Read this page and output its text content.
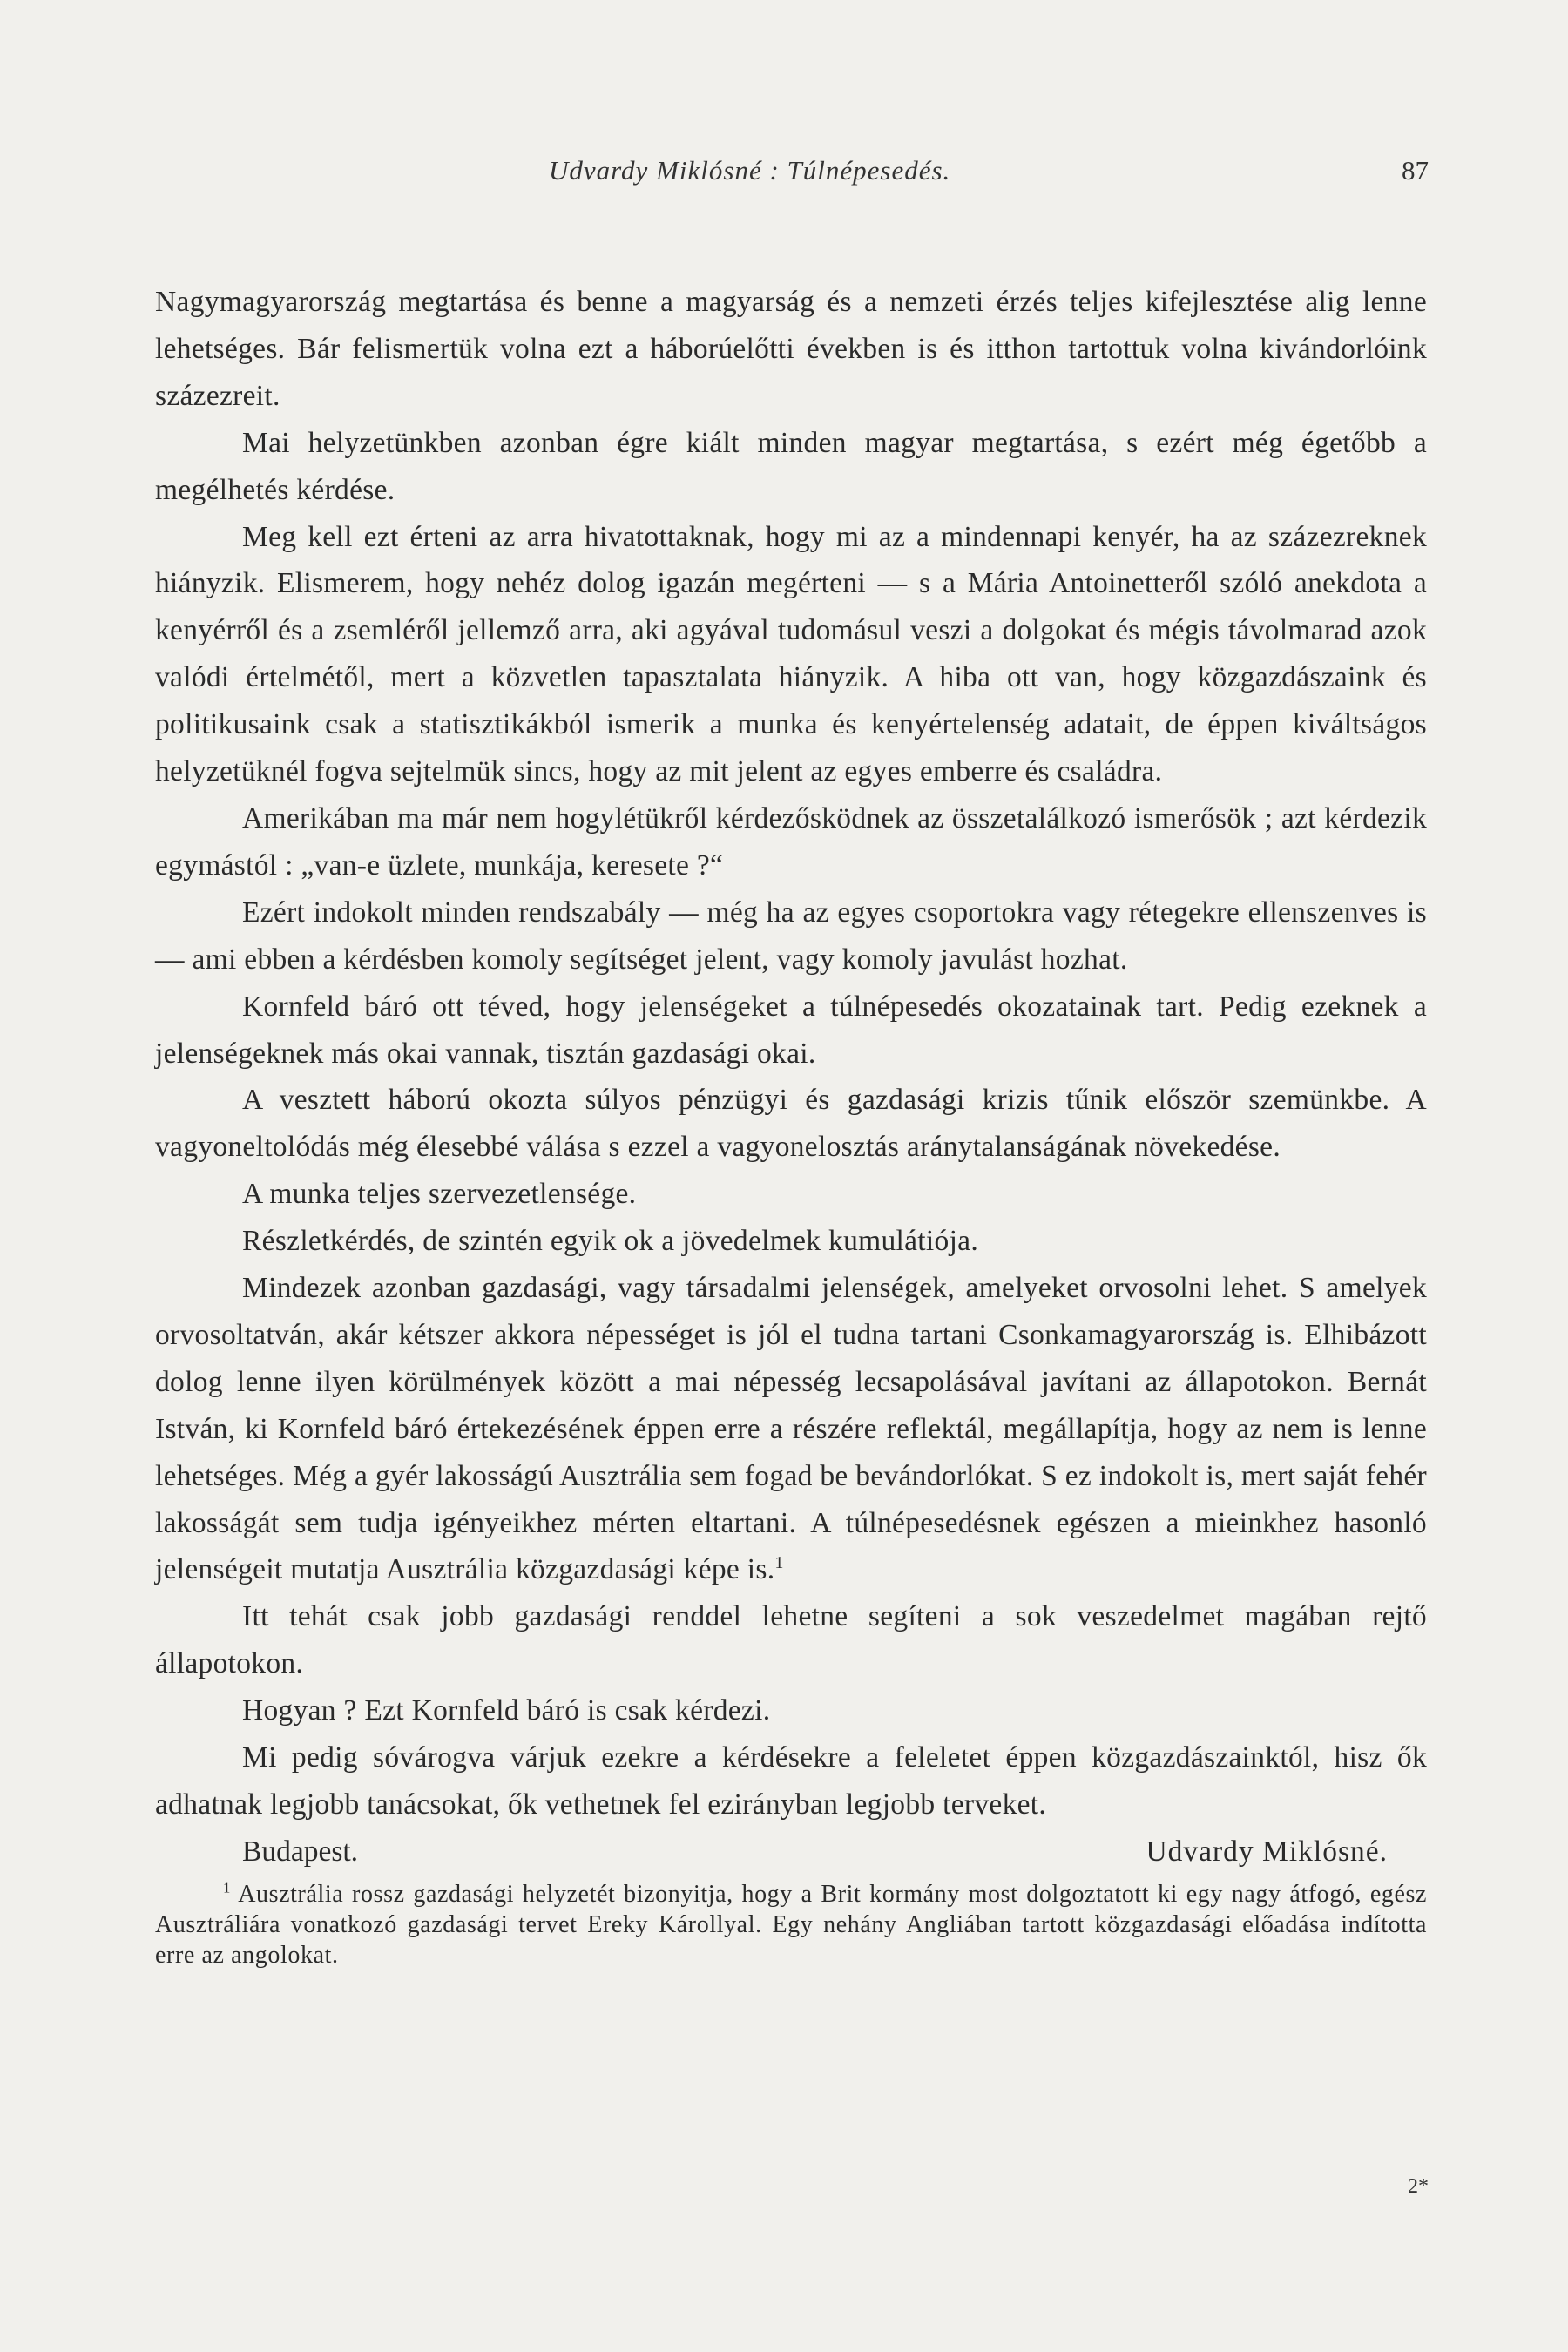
Udvardy Miklósné : Túlnépesedés.	87

Nagymagyarország megtartása és benne a magyarság és a nemzeti érzés teljes kifejlesztése alig lenne lehetséges. Bár felismertük volna ezt a háborúelőtti években is és itthon tartottuk volna kivándorlóink százezreit.

Mai helyzetünkben azonban égre kiált minden magyar megtartása, s ezért még égetőbb a megélhetés kérdése.

Meg kell ezt érteni az arra hivatottaknak, hogy mi az a mindennapi kenyér, ha az százezreknek hiányzik. Elismerem, hogy nehéz dolog igazán megérteni — s a Mária Antoinetteről szóló anekdota a kenyérről és a zsemléről jellemző arra, aki agyával tudomásul veszi a dolgokat és mégis távolmarad azok valódi értelmétől, mert a közvetlen tapasztalata hiányzik. A hiba ott van, hogy közgazdászaink és politikusaink csak a statisztikákból ismerik a munka és kenyértelenség adatait, de éppen kiváltságos helyzetüknél fogva sejtelmük sincs, hogy az mit jelent az egyes emberre és családra.

Amerikában ma már nem hogylétükről kérdezősködnek az összetalálkozó ismerősök ; azt kérdezik egymástól : „van-e üzlete, munkája, keresete ?“

Ezért indokolt minden rendszabály — még ha az egyes csoportokra vagy rétegekre ellenszenves is — ami ebben a kérdésben komoly segítséget jelent, vagy komoly javulást hozhat.

Kornfeld báró ott téved, hogy jelenségeket a túlnépesedés okozatainak tart. Pedig ezeknek a jelenségeknek más okai vannak, tisztán gazdasági okai.

A vesztett háború okozta súlyos pénzügyi és gazdasági krizis tűnik először szemünkbe. A vagyoneltolódás még élesebbé válása s ezzel a vagyonelosztás aránytalanságának növekedése.

A munka teljes szervezetlensége.

Részletkérdés, de szintén egyik ok a jövedelmek kumulátiója.

Mindezek azonban gazdasági, vagy társadalmi jelenségek, amelyeket orvosolni lehet. S amelyek orvosoltatván, akár kétszer akkora népességet is jól el tudna tartani Csonkamagyarország is. Elhibázott dolog lenne ilyen körülmények között a mai népesség lecsapolásával javítani az állapotokon. Bernát István, ki Kornfeld báró értekezésének éppen erre a részére reflektál, megállapítja, hogy az nem is lenne lehetséges. Még a gyér lakosságú Ausztrália sem fogad be bevándorlókat. S ez indokolt is, mert saját fehér lakosságát sem tudja igényeikhez mérten eltartani. A túlnépesedésnek egészen a mieinkhez hasonló jelenségeit mutatja Ausztrália közgazdasági képe is.$^1$

Itt tehát csak jobb gazdasági renddel lehetne segíteni a sok veszedelmet magában rejtő állapotokon.

Hogyan ? Ezt Kornfeld báró is csak kérdezi.

Mi pedig sóvárogva várjuk ezekre a kérdésekre a feleletet éppen közgazdászainktól, hisz ők adhatnak legjobb tanácsokat, ők vethetnek fel ezirányban legjobb terveket.

Budapest.	Udvardy Miklósné.
$^1$ Ausztrália rossz gazdasági helyzetét bizonyitja, hogy a Brit kormány most dolgoztatott ki egy nagy átfogó, egész Ausztráliára vonatkozó gazdasági tervet Ereky Károllyal. Egy nehány Angliában tartott közgazdasági előadása indította erre az angolokat.
2*
